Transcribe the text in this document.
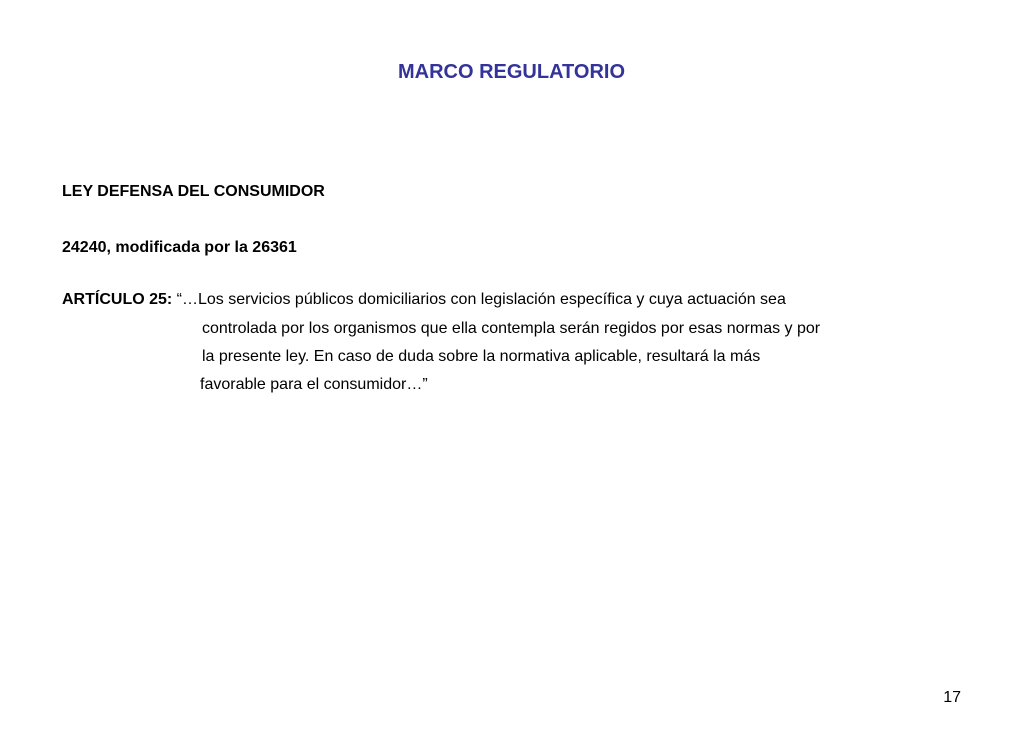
MARCO REGULATORIO
LEY DEFENSA DEL CONSUMIDOR
24240, modificada por la 26361
ARTÍCULO 25: “…Los servicios públicos domiciliarios con legislación específica y cuya actuación sea
controlada por los organismos que ella contempla serán regidos por esas normas y por
la presente ley. En caso de duda sobre la normativa aplicable, resultará la más
favorable para el consumidor…”
17
